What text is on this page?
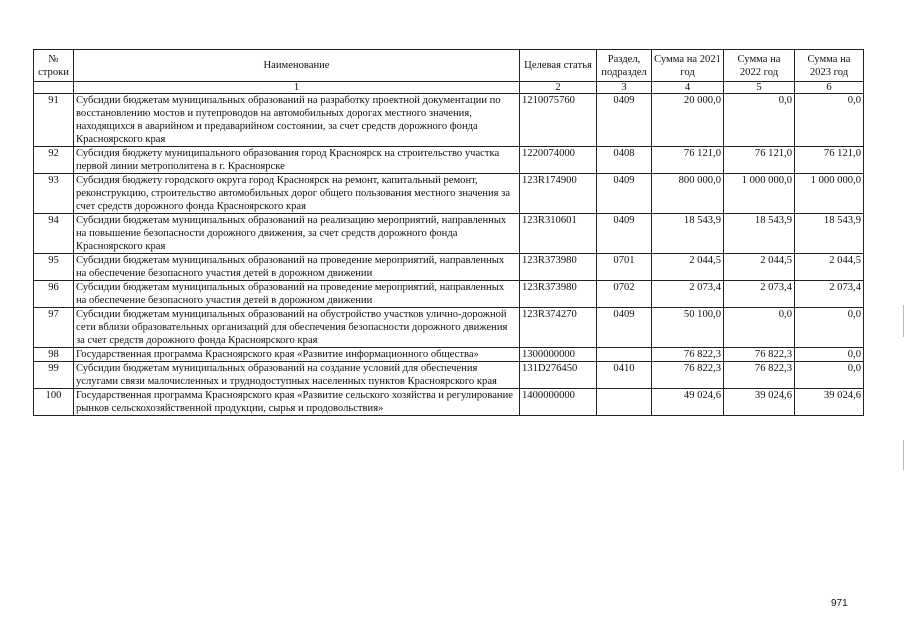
№ строки	Наименование	Целевая статья	Раздел, подраздел	Сумма на 2021 год	Сумма на 2022 год	Сумма на 2023 год
	1	2	3	4	5	6
91	Субсидии бюджетам муниципальных образований на разработку проектной документации по восстановлению мостов и путепроводов на автомобильных дорогах местного значения, находящихся в аварийном и предаварийном состоянии, за счет средств дорожного фонда Красноярского края	1210075760	0409	20 000,0	0,0	0,0
92	Субсидия бюджету муниципального образования город Красноярск на строительство участка первой линии метрополитена в г. Красноярске	1220074000	0408	76 121,0	76 121,0	76 121,0
93	Субсидия бюджету городского округа город Красноярск на ремонт, капитальный ремонт, реконструкцию, строительство автомобильных дорог общего пользования местного значения за счет средств дорожного фонда Красноярского края	123R174900	0409	800 000,0	1 000 000,0	1 000 000,0
94	Субсидии бюджетам муниципальных образований на реализацию мероприятий, направленных на повышение безопасности дорожного движения, за счет средств дорожного фонда Красноярского края	123R310601	0409	18 543,9	18 543,9	18 543,9
95	Субсидии бюджетам муниципальных образований на проведение мероприятий, направленных на обеспечение безопасного участия детей в дорожном движении	123R373980	0701	2 044,5	2 044,5	2 044,5
96	Субсидии бюджетам муниципальных образований на проведение мероприятий, направленных на обеспечение безопасного участия детей в дорожном движении	123R373980	0702	2 073,4	2 073,4	2 073,4
97	Субсидии бюджетам муниципальных образований на обустройство участков улично-дорожной сети вблизи образовательных организаций для обеспечения безопасности дорожного движения за счет средств дорожного фонда Красноярского края	123R374270	0409	50 100,0	0,0	0,0
98	Государственная программа Красноярского края «Развитие информационного общества»	1300000000		76 822,3	76 822,3	0,0
99	Субсидии бюджетам муниципальных образований на создание условий для обеспечения услугами связи малочисленных и труднодоступных населенных пунктов Красноярского края	131D276450	0410	76 822,3	76 822,3	0,0
100	Государственная программа Красноярского края «Развитие сельского хозяйства и регулирование рынков сельскохозяйственной продукции, сырья и продовольствия»	1400000000		49 024,6	39 024,6	39 024,6
971
